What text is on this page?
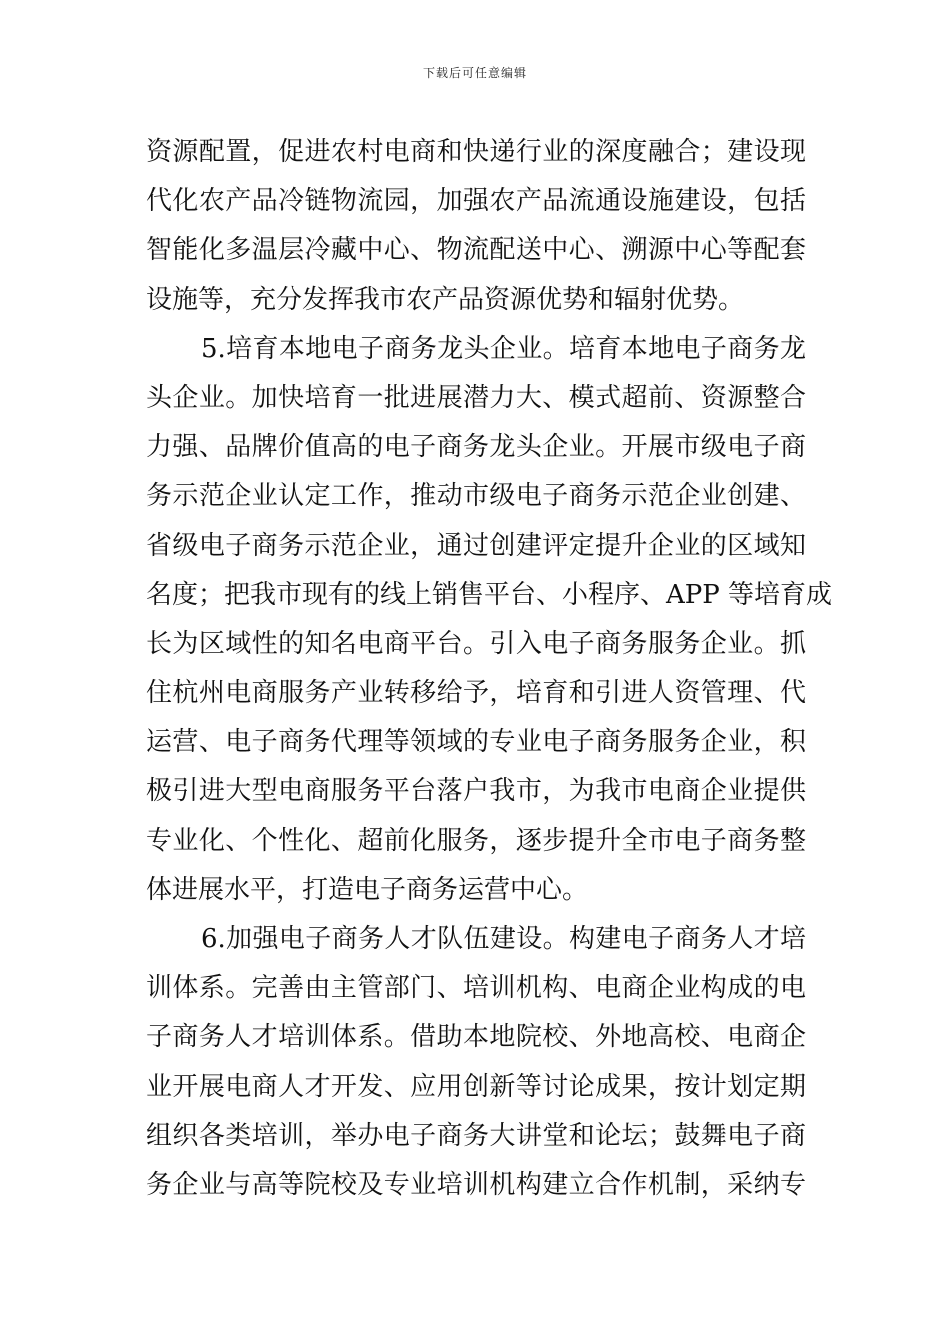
下载后可任意编辑
资源配置，促进农村电商和快递行业的深度融合；建设现
代化农产品冷链物流园，加强农产品流通设施建设，包括
智能化多温层冷藏中心、物流配送中心、溯源中心等配套
设施等，充分发挥我市农产品资源优势和辐射优势。
5.培育本地电子商务龙头企业。培育本地电子商务龙
头企业。加快培育一批进展潜力大、模式超前、资源整合
力强、品牌价值高的电子商务龙头企业。开展市级电子商
务示范企业认定工作，推动市级电子商务示范企业创建、
省级电子商务示范企业，通过创建评定提升企业的区域知
名度；把我市现有的线上销售平台、小程序、APP 等培育成
长为区域性的知名电商平台。引入电子商务服务企业。抓
住杭州电商服务产业转移给予，培育和引进人资管理、代
运营、电子商务代理等领域的专业电子商务服务企业，积
极引进大型电商服务平台落户我市，为我市电商企业提供
专业化、个性化、超前化服务，逐步提升全市电子商务整
体进展水平，打造电子商务运营中心。
6.加强电子商务人才队伍建设。构建电子商务人才培
训体系。完善由主管部门、培训机构、电商企业构成的电
子商务人才培训体系。借助本地院校、外地高校、电商企
业开展电商人才开发、应用创新等讨论成果，按计划定期
组织各类培训，举办电子商务大讲堂和论坛；鼓舞电子商
务企业与高等院校及专业培训机构建立合作机制，采纳专
